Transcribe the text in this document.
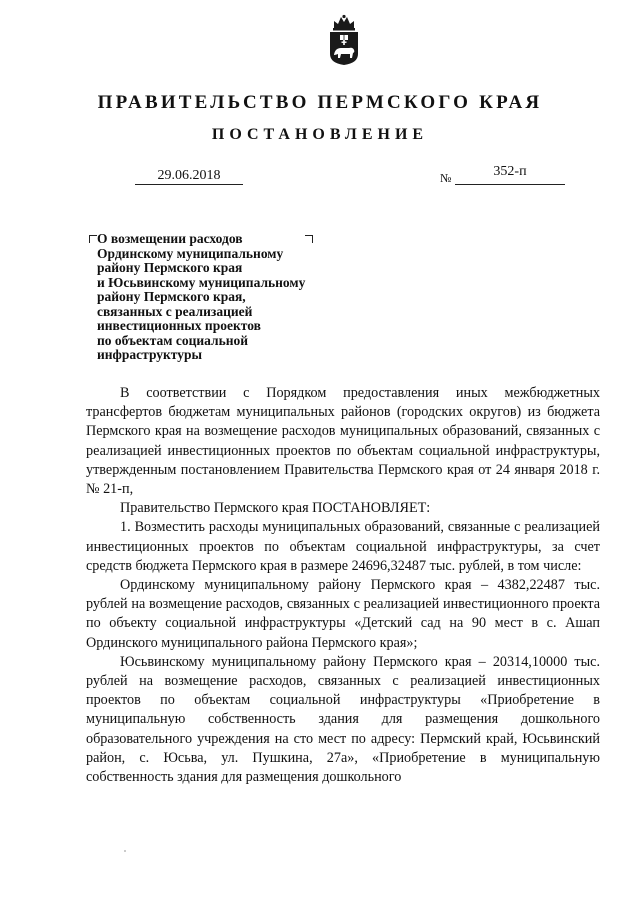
ПРАВИТЕЛЬСТВО ПЕРМСКОГО КРАЯ
ПОСТАНОВЛЕНИЕ
29.06.2018	№	352-п
О возмещении расходов
Ординскому муниципальному
району Пермского края
и Юсьвинскому муниципальному
району Пермского края,
связанных с реализацией
инвестиционных проектов
по объектам социальной
инфраструктуры

В соответствии с Порядком предоставления иных межбюджетных трансфертов бюджетам муниципальных районов (городских округов) из бюджета Пермского края на возмещение расходов муниципальных образований, связанных с реализацией инвестиционных проектов по объектам социальной инфраструктуры, утвержденным постановлением Правительства Пермского края от 24 января 2018 г. № 21-п,

Правительство Пермского края ПОСТАНОВЛЯЕТ:

1. Возместить расходы муниципальных образований, связанные с реализацией инвестиционных проектов по объектам социальной инфраструктуры, за счет средств бюджета Пермского края в размере 24696,32487 тыс. рублей, в том числе:

Ординскому муниципальному району Пермского края – 4382,22487 тыс. рублей на возмещение расходов, связанных с реализацией инвестиционного проекта по объекту социальной инфраструктуры «Детский сад на 90 мест в с. Ашап Ординского муниципального района Пермского края»;

Юсьвинскому муниципальному району Пермского края – 20314,10000 тыс. рублей на возмещение расходов, связанных с реализацией инвестиционных проектов по объектам социальной инфраструктуры «Приобретение в муниципальную собственность здания для размещения дошкольного образовательного учреждения на сто мест по адресу: Пермский край, Юсьвинский район, с. Юсьва, ул. Пушкина, 27а», «Приобретение в муниципальную собственность здания для размещения дошкольного
